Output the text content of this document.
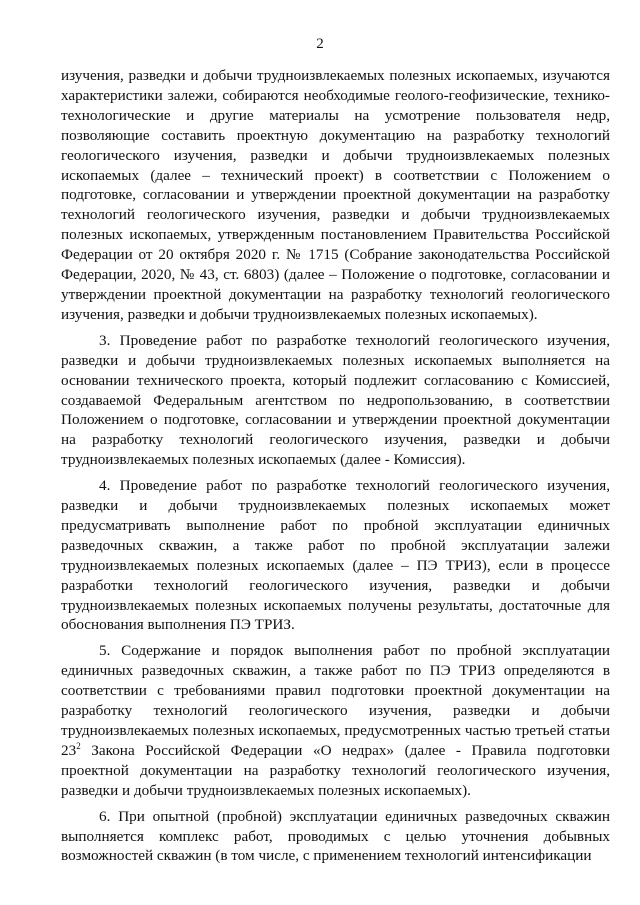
2

изучения, разведки и добычи трудноизвлекаемых полезных ископаемых, изучаются характеристики залежи, собираются необходимые геолого-геофизические, технико-технологические и другие материалы на усмотрение пользователя недр, позволяющие составить проектную документацию на разработку технологий геологического изучения, разведки и добычи трудноизвлекаемых полезных ископаемых (далее – технический проект) в соответствии с Положением о подготовке, согласовании и утверждении проектной документации на разработку технологий геологического изучения, разведки и добычи трудноизвлекаемых полезных ископаемых, утвержденным постановлением Правительства Российской Федерации от 20 октября 2020 г. № 1715 (Собрание законодательства Российской Федерации, 2020, № 43, ст. 6803) (далее – Положение о подготовке, согласовании и утверждении проектной документации на разработку технологий геологического изучения, разведки и добычи трудноизвлекаемых полезных ископаемых).

3. Проведение работ по разработке технологий геологического изучения, разведки и добычи трудноизвлекаемых полезных ископаемых выполняется на основании технического проекта, который подлежит согласованию с Комиссией, создаваемой Федеральным агентством по недропользованию, в соответствии Положением о подготовке, согласовании и утверждении проектной документации на разработку технологий геологического изучения, разведки и добычи трудноизвлекаемых полезных ископаемых (далее - Комиссия).

4. Проведение работ по разработке технологий геологического изучения, разведки и добычи трудноизвлекаемых полезных ископаемых может предусматривать выполнение работ по пробной эксплуатации единичных разведочных скважин, а также работ по пробной эксплуатации залежи трудноизвлекаемых полезных ископаемых (далее – ПЭ ТРИЗ), если в процессе разработки технологий геологического изучения, разведки и добычи трудноизвлекаемых полезных ископаемых получены результаты, достаточные для обоснования выполнения ПЭ ТРИЗ.

5. Содержание и порядок выполнения работ по пробной эксплуатации единичных разведочных скважин, а также работ по ПЭ ТРИЗ определяются в соответствии с требованиями правил подготовки проектной документации на разработку технологий геологического изучения, разведки и добычи трудноизвлекаемых полезных ископаемых, предусмотренных частью третьей статьи $23^2$ Закона Российской Федерации «О недрах» (далее - Правила подготовки проектной документации на разработку технологий геологического изучения, разведки и добычи трудноизвлекаемых полезных ископаемых).

6. При опытной (пробной) эксплуатации единичных разведочных скважин выполняется комплекс работ, проводимых с целью уточнения добывных возможностей скважин (в том числе, с применением технологий интенсификации
